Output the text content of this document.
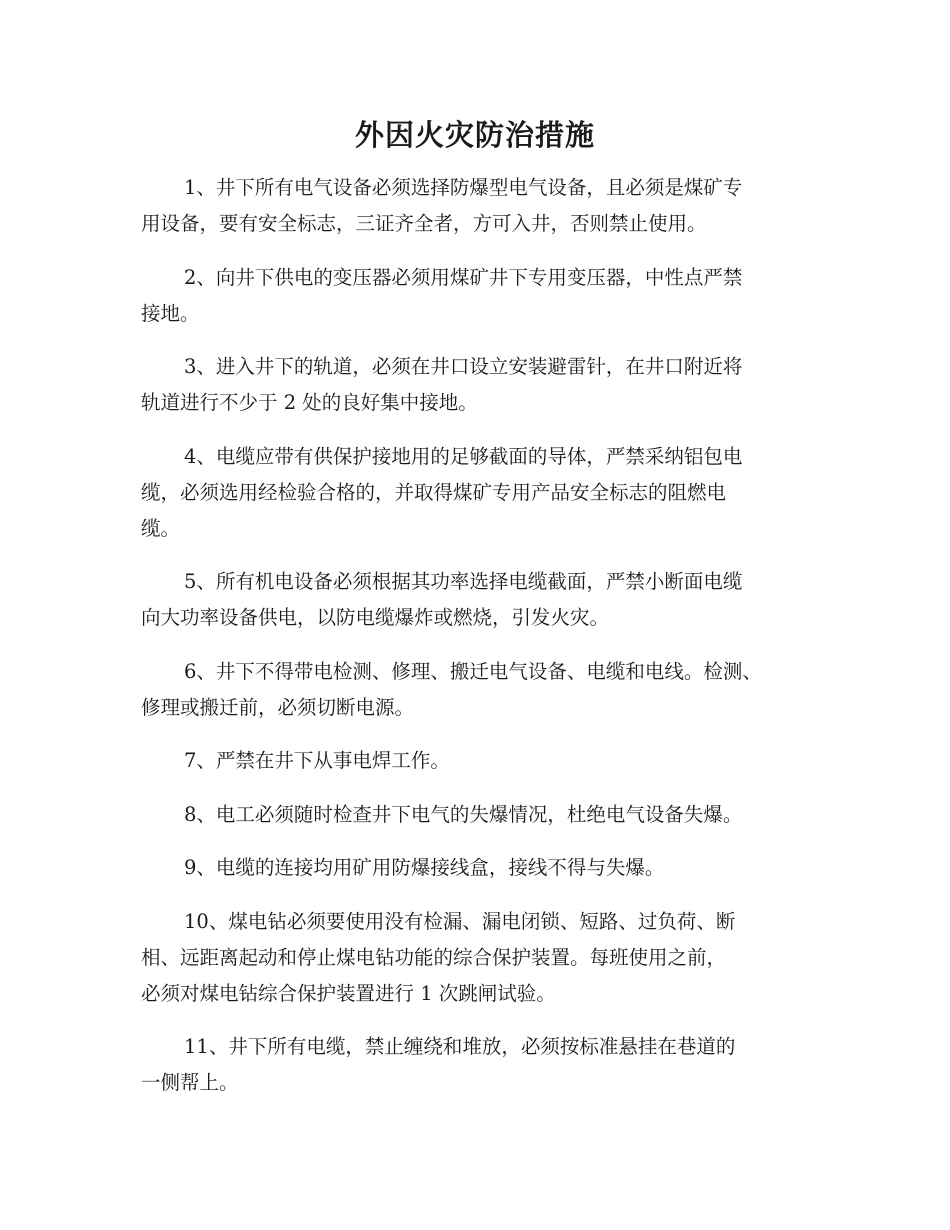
外因火灾防治措施

1、井下所有电气设备必须选择防爆型电气设备，且必须是煤矿专
用设备，要有安全标志，三证齐全者，方可入井，否则禁止使用。

2、向井下供电的变压器必须用煤矿井下专用变压器，中性点严禁
接地。

3、进入井下的轨道，必须在井口设立安装避雷针，在井口附近将
轨道进行不少于 2 处的良好集中接地。

4、电缆应带有供保护接地用的足够截面的导体，严禁采纳铝包电
缆，必须选用经检验合格的，并取得煤矿专用产品安全标志的阻燃电
缆。

5、所有机电设备必须根据其功率选择电缆截面，严禁小断面电缆
向大功率设备供电，以防电缆爆炸或燃烧，引发火灾。

6、井下不得带电检测、修理、搬迁电气设备、电缆和电线。检测、
修理或搬迁前，必须切断电源。

7、严禁在井下从事电焊工作。

8、电工必须随时检查井下电气的失爆情况，杜绝电气设备失爆。

9、电缆的连接均用矿用防爆接线盒，接线不得与失爆。

10、煤电钻必须要使用没有检漏、漏电闭锁、短路、过负荷、断
相、远距离起动和停止煤电钻功能的综合保护装置。每班使用之前，
必须对煤电钻综合保护装置进行 1 次跳闸试验。

11、井下所有电缆，禁止缠绕和堆放，必须按标准悬挂在巷道的
一侧帮上。
